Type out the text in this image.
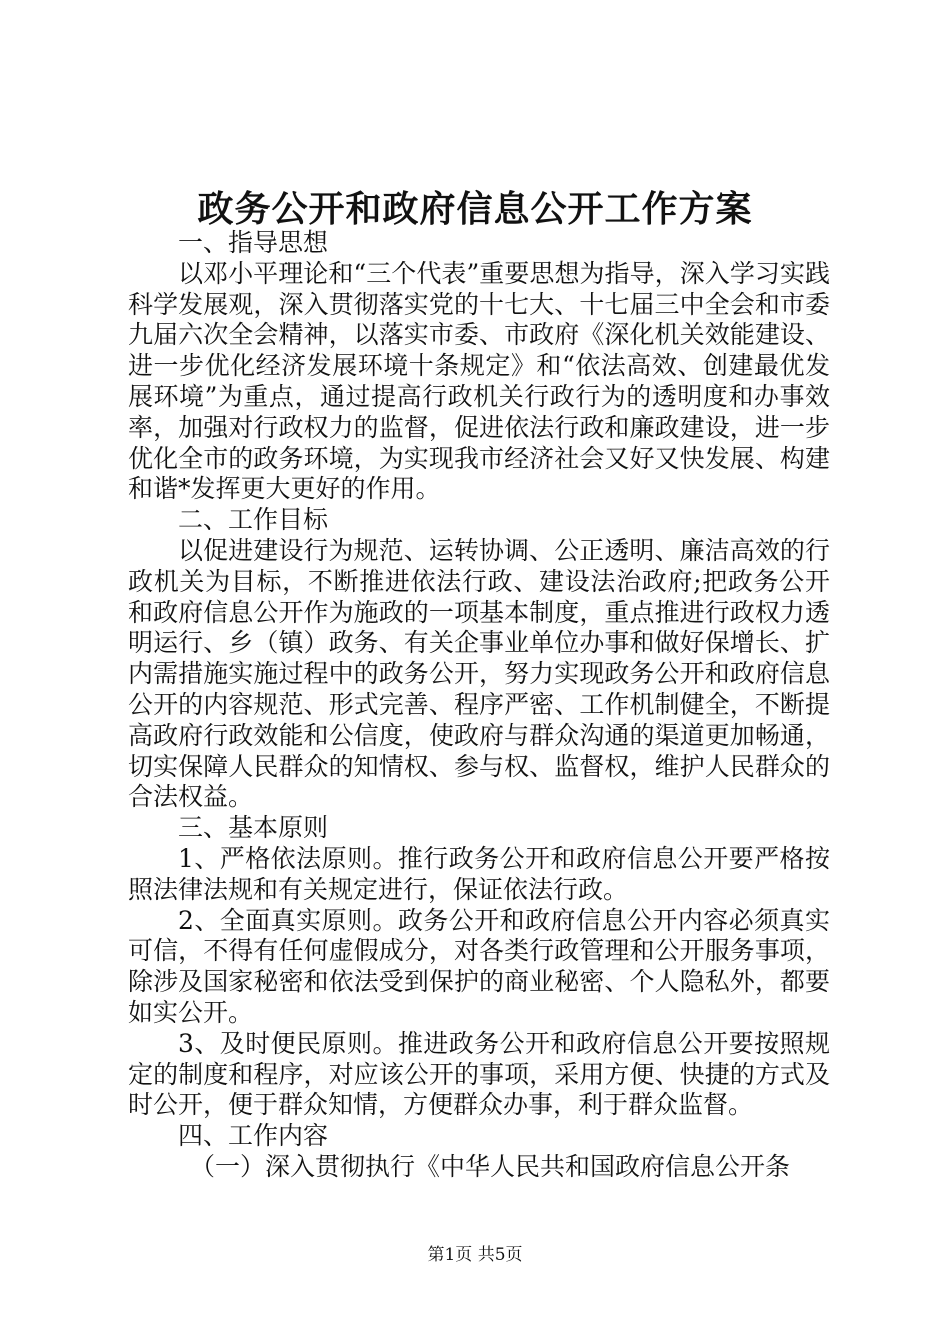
政务公开和政府信息公开工作方案

一、指导思想

以邓小平理论和“三个代表”重要思想为指导，深入学习实践科学发展观，深入贯彻落实党的十七大、十七届三中全会和市委九届六次全会精神，以落实市委、市政府《深化机关效能建设、进一步优化经济发展环境十条规定》和“依法高效、创建最优发展环境”为重点，通过提高行政机关行政行为的透明度和办事效率，加强对行政权力的监督，促进依法行政和廉政建设，进一步优化全市的政务环境，为实现我市经济社会又好又快发展、构建和谐*发挥更大更好的作用。

二、工作目标

以促进建设行为规范、运转协调、公正透明、廉洁高效的行政机关为目标，不断推进依法行政、建设法治政府;把政务公开和政府信息公开作为施政的一项基本制度，重点推进行政权力透明运行、乡（镇）政务、有关企事业单位办事和做好保增长、扩内需措施实施过程中的政务公开，努力实现政务公开和政府信息公开的内容规范、形式完善、程序严密、工作机制健全，不断提高政府行政效能和公信度，使政府与群众沟通的渠道更加畅通，切实保障人民群众的知情权、参与权、监督权，维护人民群众的合法权益。

三、基本原则

1、严格依法原则。推行政务公开和政府信息公开要严格按照法律法规和有关规定进行，保证依法行政。

2、全面真实原则。政务公开和政府信息公开内容必须真实可信，不得有任何虚假成分，对各类行政管理和公开服务事项，除涉及国家秘密和依法受到保护的商业秘密、个人隐私外，都要如实公开。

3、及时便民原则。推进政务公开和政府信息公开要按照规定的制度和程序，对应该公开的事项，采用方便、快捷的方式及时公开，便于群众知情，方便群众办事，利于群众监督。

四、工作内容

（一）深入贯彻执行《中华人民共和国政府信息公开条

第1页 共5页
